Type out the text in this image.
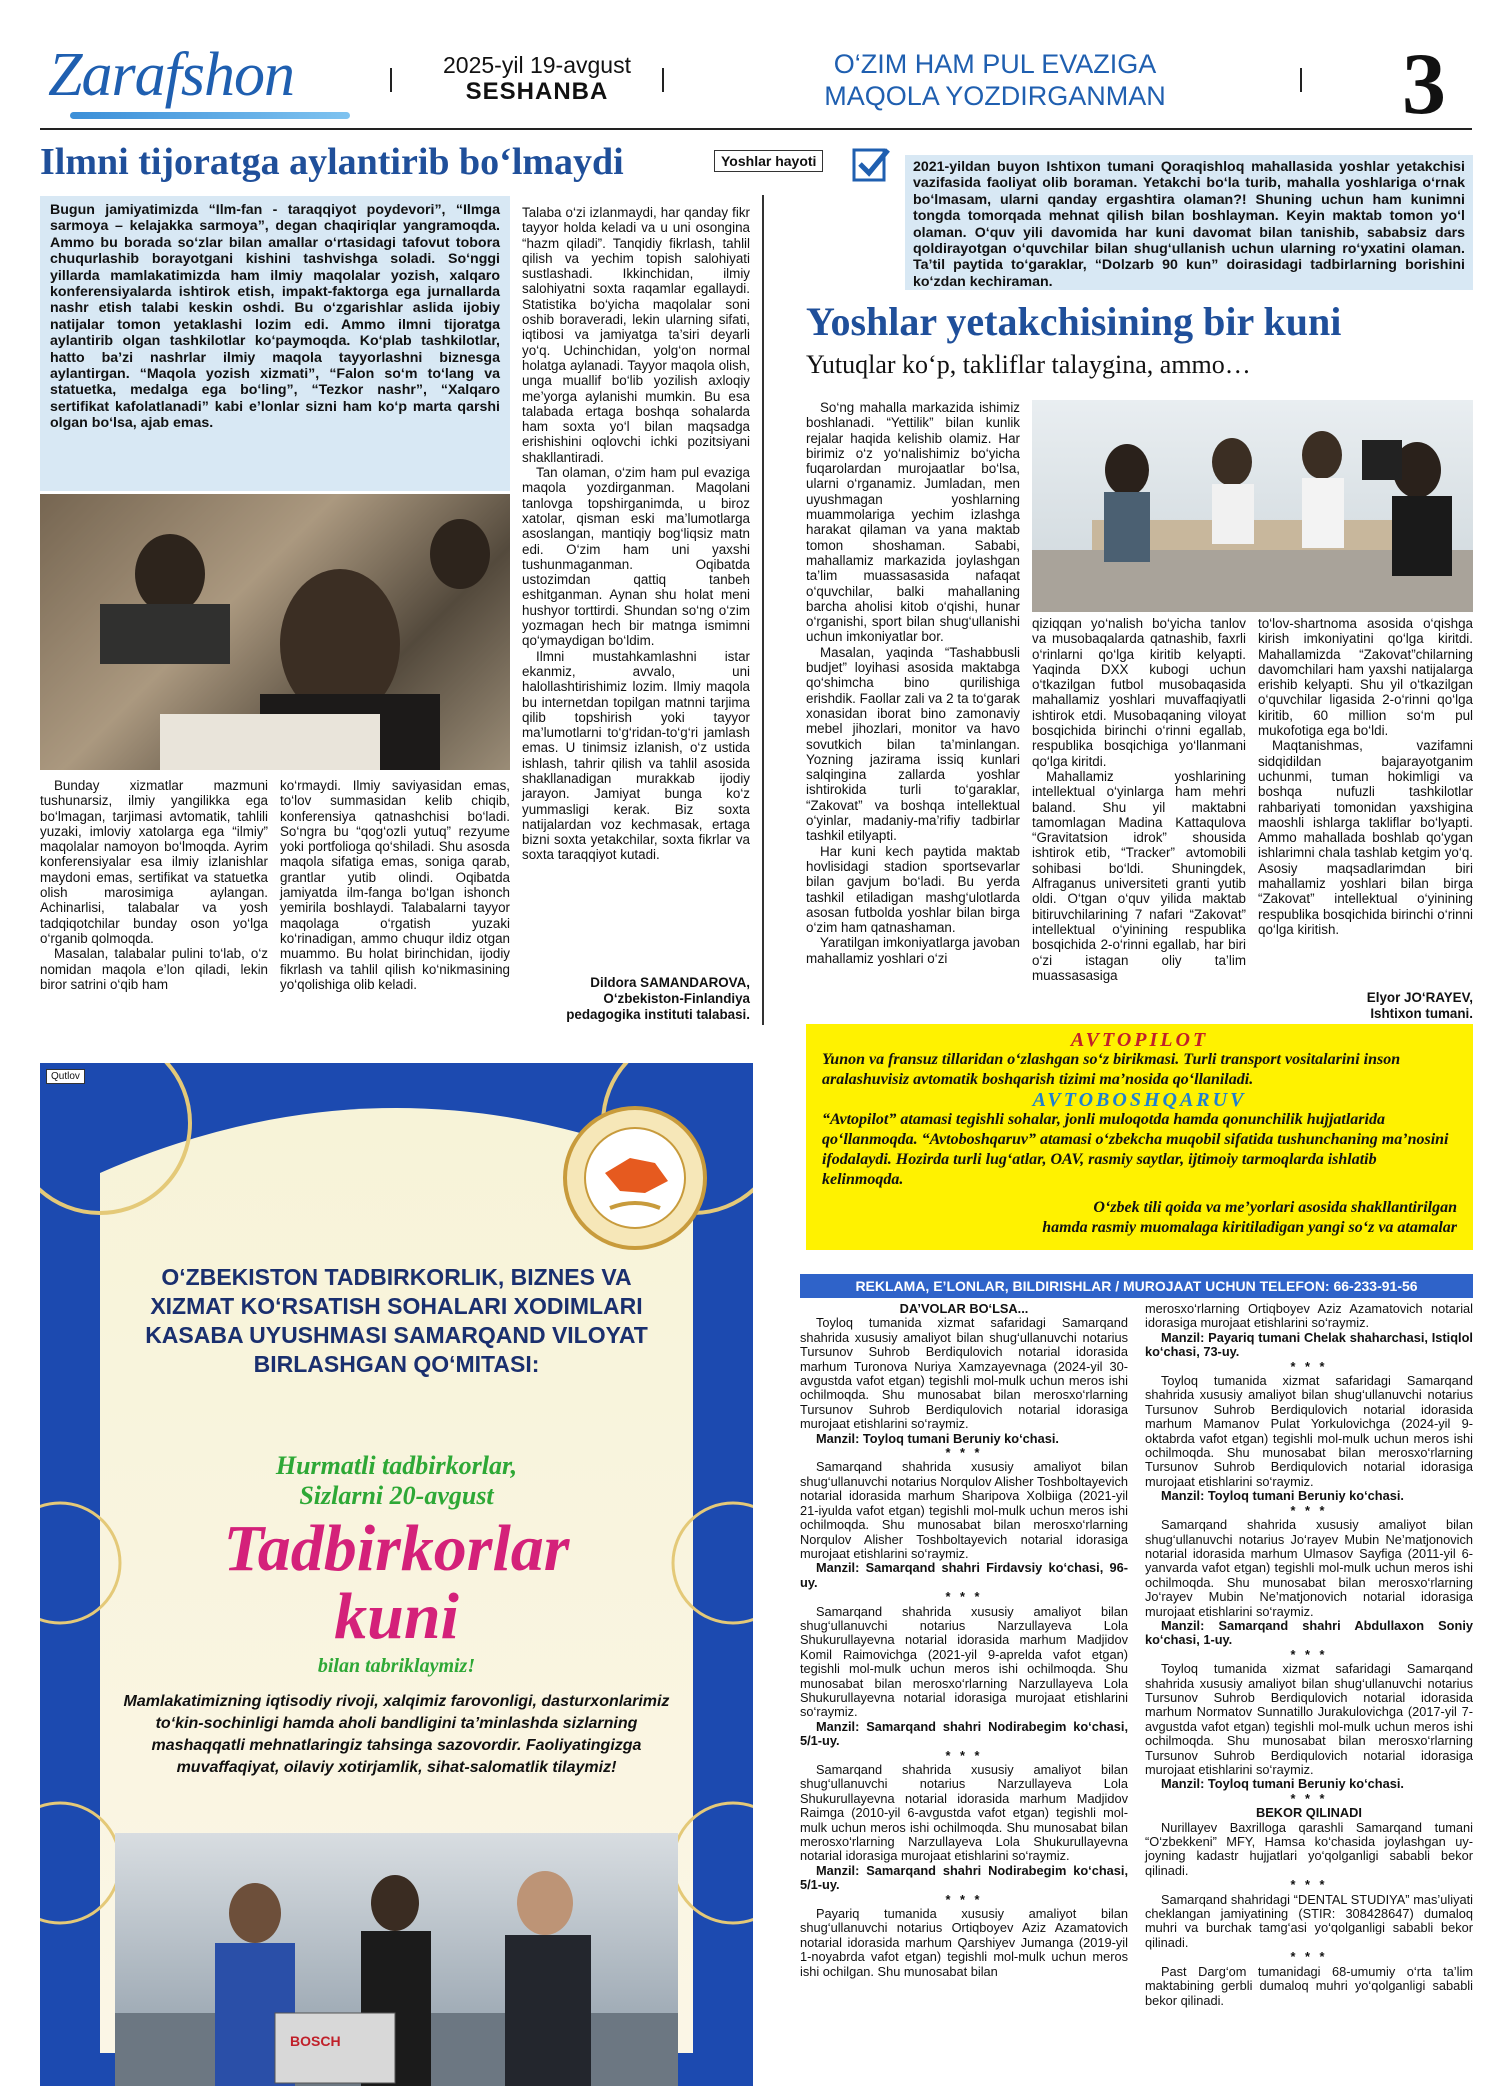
Zarafshon	2025-yil 19-avgust
SESHANBA
O‘ZIM HAM PUL EVAZIGA
MAQOLA YOZDIRGANMAN	3
Ilmni tijoratga aylantirib bo‘lmaydi
Bugun jamiyatimizda “Ilm-fan - taraqqiyot poydevori”, “Ilmga sarmoya – kelajakka sarmoya”, degan chaqiriqlar yangramoqda. Ammo bu borada so‘zlar bilan amallar o‘rtasidagi tafovut tobora chuqurlashib borayotgani kishini tashvishga soladi. So‘nggi yillarda mamlakatimizda ham ilmiy maqolalar yozish, xalqaro konferensiyalarda ishtirok etish, impakt-faktorga ega jurnallarda nashr etish talabi keskin oshdi. Bu o‘zgarishlar aslida ijobiy natijalar tomon yetaklashi lozim edi. Ammo ilmni tijoratga aylantirib olgan tashkilotlar ko‘paymoqda. Ko‘plab tashkilotlar, hatto ba’zi nashrlar ilmiy maqola tayyorlashni biznesga aylantirgan. “Maqola yozish xizmati”, “Falon so‘m to‘lang va statuetka, medalga ega bo‘ling”, “Tezkor nashr”, “Xalqaro sertifikat kafolatlanadi” kabi e’lonlar sizni ham ko‘p marta qarshi olgan bo‘lsa, ajab emas.

Bunday xizmatlar mazmuni tushunarsiz, ilmiy yangilikka ega bo‘lmagan, tarjimasi avtomatik, tahlili yuzaki, imloviy xatolarga ega “ilmiy” maqolalar namoyon bo‘lmoqda. Ayrim konferensiyalar esa ilmiy izlanishlar maydoni emas, sertifikat va statuetka olish marosimiga aylangan. Achinarlisi, talabalar va yosh tadqiqotchilar bunday oson yo‘lga o‘rganib qolmoqda.

Masalan, talabalar pulini to‘lab, o‘z nomidan maqola e’lon qiladi, lekin biror satrini o‘qib ham

ko‘rmaydi. Ilmiy saviyasidan emas, to‘lov summasidan kelib chiqib, konferensiya qatnashchisi bo‘ladi. So‘ngra bu “qog‘ozli yutuq” rezyume yoki portfolioga qo‘shiladi. Shu asosda maqola sifatiga emas, soniga qarab, grantlar yutib olindi. Oqibatda jamiyatda ilm-fanga bo‘lgan ishonch yemirila boshlaydi. Talabalarni tayyor maqolaga o‘rgatish yuzaki ko‘rinadigan, ammo chuqur ildiz otgan muammo. Bu holat birinchidan, ijodiy fikrlash va tahlil qilish ko‘nikmasining yo‘qolishiga olib keladi.

Talaba o‘zi izlanmaydi, har qanday fikr tayyor holda keladi va u uni osongina “hazm qiladi”. Tanqidiy fikrlash, tahlil qilish va yechim topish salohiyati sustlashadi. Ikkinchidan, ilmiy salohiyatni soxta raqamlar egallaydi. Statistika bo‘yicha maqolalar soni oshib boraveradi, lekin ularning sifati, iqtibosi va jamiyatga ta’siri deyarli yo‘q. Uchinchidan, yolg‘on normal holatga aylanadi. Tayyor maqola olish, unga muallif bo‘lib yozilish axloqiy me’yorga aylanishi mumkin. Bu esa talabada ertaga boshqa sohalarda ham soxta yo‘l bilan maqsadga erishishini oqlovchi ichki pozitsiyani shakllantiradi.

Tan olaman, o‘zim ham pul evaziga maqola yozdirganman. Maqolani tanlovga topshirganimda, u biroz xatolar, qisman eski ma’lumotlarga asoslangan, mantiqiy bog‘liqsiz matn edi. O‘zim ham uni yaxshi tushunmaganman. Oqibatda ustozimdan qattiq tanbeh eshitganman. Aynan shu holat meni hushyor torttirdi. Shundan so‘ng o‘zim yozmagan hech bir matnga ismimni qo‘ymaydigan bo‘ldim.

Ilmni mustahkamlashni istar ekanmiz, avvalo, uni halollashtirishimiz lozim. Ilmiy maqola bu internetdan topilgan matnni tarjima qilib topshirish yoki tayyor ma’lumotlarni to‘g‘ridan-to‘g‘ri jamlash emas. U tinimsiz izlanish, o‘z ustida ishlash, tahrir qilish va tahlil asosida shakllanadigan murakkab ijodiy jarayon. Jamiyat bunga ko‘z yummasligi kerak. Biz soxta natijalardan voz kechmasak, ertaga bizni soxta yetakchilar, soxta fikrlar va soxta taraqqiyot kutadi.

Dildora SAMANDAROVA,
O‘zbekiston-Finlandiya
pedagogika instituti talabasi.
Yoshlar hayoti	2021-yildan buyon Ishtixon tumani Qoraqishloq mahallasida yoshlar yetakchisi vazifasida faoliyat olib boraman. Yetakchi bo‘la turib, mahalla yoshlariga o‘rnak bo‘lmasam, ularni qanday ergashtira olaman?! Shuning uchun ham kunimni tongda tomorqada mehnat qilish bilan boshlayman. Keyin maktab tomon yo‘l olaman. O‘quv yili davomida har kuni davomat bilan tanishib, sababsiz dars qoldirayotgan o‘quvchilar bilan shug‘ullanish uchun ularning ro‘yxatini olaman. Ta’til paytida to‘garaklar, “Dolzarb 90 kun” doirasidagi tadbirlarning borishini ko‘zdan kechiraman.
Yoshlar yetakchisining bir kuni
Yutuqlar ko‘p, takliflar talaygina, ammo…

So‘ng mahalla markazida ishimiz boshlanadi. “Yettilik” bilan kunlik rejalar haqida kelishib olamiz. Har birimiz o‘z yo‘nalishimiz bo‘yicha fuqarolardan murojaatlar bo‘lsa, ularni o‘rganamiz. Jumladan, men uyushmagan yoshlarning muammolariga yechim izlashga harakat qilaman va yana maktab tomon shoshaman. Sababi, mahallamiz markazida joylashgan ta’lim muassasasida nafaqat o‘quvchilar, balki mahallaning barcha aholisi kitob o‘qishi, hunar o‘rganishi, sport bilan shug‘ullanishi uchun imkoniyatlar bor.

Masalan, yaqinda “Tashabbusli budjet” loyihasi asosida maktabga qo‘shimcha bino qurilishiga erishdik. Faollar zali va 2 ta to‘garak xonasidan iborat bino zamonaviy mebel jihozlari, monitor va havo sovutkich bilan ta’minlangan. Yozning jazirama issiq kunlari salqingina zallarda yoshlar ishtirokida turli to‘garaklar, “Zakovat” va boshqa intellektual o‘yinlar, madaniy-ma’rifiy tadbirlar tashkil etilyapti.

Har kuni kech paytida maktab hovlisidagi stadion sportsevarlar bilan gavjum bo‘ladi. Bu yerda tashkil etiladigan mashg‘ulotlarda asosan futbolda yoshlar bilan birga o‘zim ham qatnashaman.

Yaratilgan imkoniyatlarga javoban mahallamiz yoshlari o‘zi

qiziqqan yo‘nalish bo‘yicha tanlov va musobaqalarda qatnashib, faxrli o‘rinlarni qo‘lga kiritib kelyapti. Yaqinda DXX kubogi uchun o‘tkazilgan futbol musobaqasida mahallamiz yoshlari muvaffaqiyatli ishtirok etdi. Musobaqaning viloyat bosqichida birinchi o‘rinni egallab, respublika bosqichiga yo‘llanmani qo‘lga kiritdi.

Mahallamiz yoshlarining intellektual o‘yinlarga ham mehri baland. Shu yil maktabni tamomlagan Madina Kattaqulova “Gravitatsion idrok” shousida ishtirok etib, “Tracker” avtomobili sohibasi bo‘ldi. Shuningdek, Alfraganus universiteti granti yutib oldi. O‘tgan o‘quv yilida maktab bitiruvchilarining 7 nafari “Zakovat” intellektual o‘yinining respublika bosqichida 2-o‘rinni egallab, har biri o‘zi istagan oliy ta’lim muassasasiga

to‘lov-shartnoma asosida o‘qishga kirish imkoniyatini qo‘lga kiritdi. Mahallamizda “Zakovat”chilarning davomchilari ham yaxshi natijalarga erishib kelyapti. Shu yil o‘tkazilgan o‘quvchilar ligasida 2-o‘rinni qo‘lga kiritib, 60 million so‘m pul mukofotiga ega bo‘ldi.

Maqtanishmas, vazifamni sidqidildan bajarayotganim uchunmi, tuman hokimligi va boshqa nufuzli tashkilotlar rahbariyati tomonidan yaxshigina maoshli ishlarga takliflar bo‘lyapti. Ammo mahallada boshlab qo‘ygan ishlarimni chala tashlab ketgim yo‘q. Asosiy maqsadlarimdan biri mahallamiz yoshlari bilan birga “Zakovat” intellektual o‘yinining respublika bosqichida birinchi o‘rinni qo‘lga kiritish.

Elyor JO‘RAYEV,
Ishtixon tumani.
AVTOPILOT
Yunon va fransuz tillaridan o‘zlashgan so‘z birikmasi. Turli transport vositalarini inson aralashuvisiz avtomatik boshqarish tizimi ma’nosida qo‘llaniladi.
AVTOBOSHQARUV
“Avtopilot” atamasi tegishli sohalar, jonli muloqotda hamda qonunchilik hujjatlarida qo‘llanmoqda. “Avtoboshqaruv” atamasi o‘zbekcha muqobil sifatida tushunchaning ma’nosini ifodalaydi. Hozirda turli lug‘atlar, OAV, rasmiy saytlar, ijtimoiy tarmoqlarda ishlatib kelinmoqda.
O‘zbek tili qoida va me’yorlari asosida shakllantirilgan
hamda rasmiy muomalaga kiritiladigan yangi so‘z va atamalar
Qutlov
O‘ZBEKISTON TADBIRKORLIK, BIZNES VA XIZMAT KO‘RSATISH SOHALARI XODIMLARI KASABA UYUSHMASI SAMARQAND VILOYAT BIRLASHGAN QO‘MITASI:
Hurmatli tadbirkorlar,
Sizlarni 20-avgust
Tadbirkorlar
kuni
bilan tabriklaymiz!
Mamlakatimizning iqtisodiy rivoji, xalqimiz farovonligi, dasturxonlarimiz to‘kin-sochinligi hamda aholi bandligini ta’minlashda sizlarning mashaqqatli mehnatlaringiz tahsinga sazovordir. Faoliyatingizga muvaffaqiyat, oilaviy xotirjamlik, sihat-salomatlik tilaymiz!
BOSCH
REKLAMA, E’LONLAR, BILDIRISHLAR / MUROJAAT UCHUN TELEFON: 66-233-91-56
DA’VOLAR BO‘LSA...

Toyloq tumanida xizmat safaridagi Samarqand shahrida xususiy amaliyot bilan shug‘ullanuvchi notarius Tursunov Suhrob Berdiqulovich notarial idorasida marhum Turonova Nuriya Xamzayevnaga (2024-yil 30-avgustda vafot etgan) tegishli mol-mulk uchun meros ishi ochilmoqda. Shu munosabat bilan merosxo‘rlarning Tursunov Suhrob Berdiqulovich notarial idorasiga murojaat etishlarini so‘raymiz.

Manzil: Toyloq tumani Beruniy ko‘chasi.

* * *

Samarqand shahrida xususiy amaliyot bilan shug‘ullanuvchi notarius Norqulov Alisher Toshboltayevich notarial idorasida marhum Sharipova Xolbiiga (2021-yil 21-iyulda vafot etgan) tegishli mol-mulk uchun meros ishi ochilmoqda. Shu munosabat bilan merosxo‘rlarning Norqulov Alisher Toshboltayevich notarial idorasiga murojaat etishlarini so‘raymiz.

Manzil: Samarqand shahri Firdavsiy ko‘chasi, 96-uy.

* * *

Samarqand shahrida xususiy amaliyot bilan shug‘ullanuvchi notarius Narzullayeva Lola Shukurullayevna notarial idorasida marhum Madjidov Komil Raimovichga (2021-yil 9-aprelda vafot etgan) tegishli mol-mulk uchun meros ishi ochilmoqda. Shu munosabat bilan merosxo‘rlarning Narzullayeva Lola Shukurullayevna notarial idorasiga murojaat etishlarini so‘raymiz.

Manzil: Samarqand shahri Nodirabegim ko‘chasi, 5/1-uy.

* * *

Samarqand shahrida xususiy amaliyot bilan shug‘ullanuvchi notarius Narzullayeva Lola Shukurullayevna notarial idorasida marhum Madjidov Raimga (2010-yil 6-avgustda vafot etgan) tegishli mol-mulk uchun meros ishi ochilmoqda. Shu munosabat bilan merosxo‘rlarning Narzullayeva Lola Shukurullayevna notarial idorasiga murojaat etishlarini so‘raymiz.

Manzil: Samarqand shahri Nodirabegim ko‘chasi, 5/1-uy.

* * *

Payariq tumanida xususiy amaliyot bilan shug‘ullanuvchi notarius Ortiqboyev Aziz Azamatovich notarial idorasida marhum Qarshiyev Jumanga (2019-yil 1-noyabrda vafot etgan) tegishli mol-mulk uchun meros ishi ochilgan. Shu munosabat bilan

merosxo‘rlarning Ortiqboyev Aziz Azamatovich notarial idorasiga murojaat etishlarini so‘raymiz.

Manzil: Payariq tumani Chelak shaharchasi, Istiqlol ko‘chasi, 73-uy.

* * *

Toyloq tumanida xizmat safaridagi Samarqand shahrida xususiy amaliyot bilan shug‘ullanuvchi notarius Tursunov Suhrob Berdiqulovich notarial idorasida marhum Mamanov Pulat Yorkulovichga (2024-yil 9-oktabrda vafot etgan) tegishli mol-mulk uchun meros ishi ochilmoqda. Shu munosabat bilan merosxo‘rlarning Tursunov Suhrob Berdiqulovich notarial idorasiga murojaat etishlarini so‘raymiz.

Manzil: Toyloq tumani Beruniy ko‘chasi.

* * *

Samarqand shahrida xususiy amaliyot bilan shug‘ullanuvchi notarius Jo‘rayev Mubin Ne’matjonovich notarial idorasida marhum Ulmasov Sayfiga (2011-yil 6-yanvarda vafot etgan) tegishli mol-mulk uchun meros ishi ochilmoqda. Shu munosabat bilan merosxo‘rlarning Jo‘rayev Mubin Ne’matjonovich notarial idorasiga murojaat etishlarini so‘raymiz.

Manzil: Samarqand shahri Abdullaxon Soniy ko‘chasi, 1-uy.

* * *

Toyloq tumanida xizmat safaridagi Samarqand shahrida xususiy amaliyot bilan shug‘ullanuvchi notarius Tursunov Suhrob Berdiqulovich notarial idorasida marhum Normatov Sunnatillo Jurakulovichga (2017-yil 7-avgustda vafot etgan) tegishli mol-mulk uchun meros ishi ochilmoqda. Shu munosabat bilan merosxo‘rlarning Tursunov Suhrob Berdiqulovich notarial idorasiga murojaat etishlarini so‘raymiz.

Manzil: Toyloq tumani Beruniy ko‘chasi.

* * *
BEKOR QILINADI

Nurillayev Baxrilloga qarashli Samarqand tumani “O‘zbekkeni” MFY, Hamsa ko‘chasida joylashgan uy-joyning kadastr hujjatlari yo‘qolganligi sababli bekor qilinadi.

* * *

Samarqand shahridagi “DENTAL STUDIYA” mas’uliyati cheklangan jamiyatining (STIR: 308428647) dumaloq muhri va burchak tamg‘asi yo‘qolganligi sababli bekor qilinadi.

* * *

Past Darg‘om tumanidagi 68-umumiy o‘rta ta’lim maktabining gerbli dumaloq muhri yo‘qolganligi sababli bekor qilinadi.
